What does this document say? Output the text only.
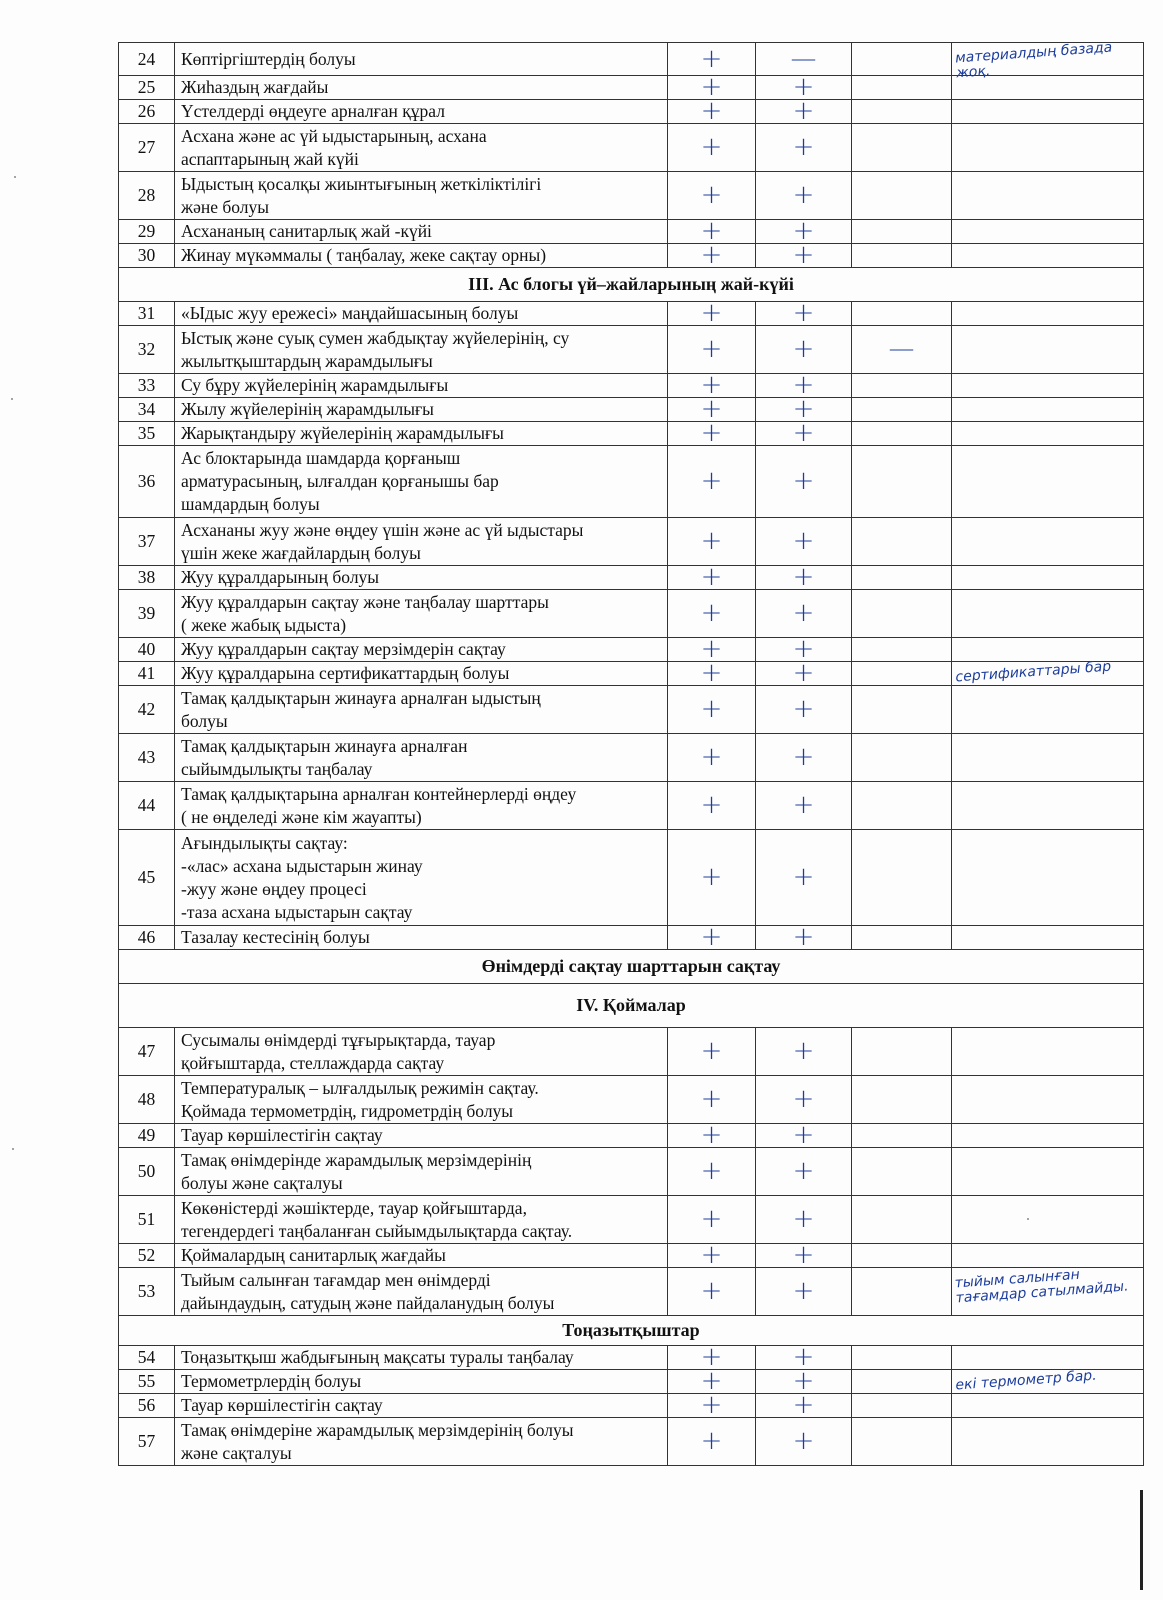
24	Көптіргіштердің болуы	+	—		материалдың базада жоқ.
25	Жиһаздың жағдайы	+	+		
26	Үстелдерді өңдеуге арналған құрал	+	+		
27	Асхана және ас үй ыдыстарының, асхана
аспаптарының жай күйі	+	+		
28	Ыдыстың қосалқы жиынтығының жеткіліктілігі
және болуы	+	+		
29	Асхананың санитарлық жай -күйі	+	+		
30	Жинау мүкәммалы ( таңбалау, жеке сақтау орны)	+	+		
III. Ас блогы үй–жайларының жай-күйі					
31	«Ыдыс жуу ережесі» маңдайшасының болуы	+	+		
32	Ыстық және суық сумен жабдықтау жүйелерінің, су
жылытқыштардың жарамдылығы	+	+	—	
33	Су бұру жүйелерінің жарамдылығы	+	+		
34	Жылу жүйелерінің жарамдылығы	+	+		
35	Жарықтандыру жүйелерінің жарамдылығы	+	+		
36	Ас блоктарында шамдарда қорғаныш
арматурасының, ылғалдан қорғанышы бар
шамдардың болуы	+	+		
37	Асхананы жуу және өңдеу үшін және ас үй ыдыстары
үшін жеке жағдайлардың болуы	+	+		
38	Жуу құралдарының болуы	+	+		
39	Жуу құралдарын сақтау және таңбалау шарттары
( жеке жабық ыдыста)	+	+		
40	Жуу құралдарын сақтау мерзімдерін сақтау	+	+		
41	Жуу құралдарына сертификаттардың болуы	+	+		сертификаттары бар
42	Тамақ қалдықтарын жинауға арналған ыдыстың
болуы	+	+		
43	Тамақ қалдықтарын жинауға арналған
сыйымдылықты таңбалау	+	+		
44	Тамақ қалдықтарына арналған контейнерлерді өңдеу
( не өңделеді және кім жауапты)	+	+		
45	Ағындылықты сақтау:
-«лас» асхана ыдыстарын жинау
-жуу және өңдеу процесі
-таза асхана ыдыстарын сақтау	+	+		
46	Тазалау кестесінің болуы	+	+		
Өнімдерді сақтау шарттарын сақтау					
IV. Қоймалар					
47	Сусымалы өнімдерді тұғырықтарда, тауар
қойғыштарда, стеллаждарда сақтау	+	+		
48	Температуралық – ылғалдылық режимін сақтау.
Қоймада термометрдің, гидрометрдің болуы	+	+		
49	Тауар көршілестігін сақтау	+	+		
50	Тамақ өнімдерінде жарамдылық мерзімдерінің
болуы және сақталуы	+	+		
51	Көкөністерді жәшіктерде, тауар қойғыштарда,
тегендердегі таңбаланған сыйымдылықтарда сақтау.	+	+		
52	Қоймалардың санитарлық жағдайы	+	+		
53	Тыйым салынған тағамдар мен өнімдерді
дайындаудың, сатудың және пайдаланудың болуы	+	+		тыйым салынған тағамдар сатылмайды.
Тоңазытқыштар					
54	Тоңазытқыш жабдығының мақсаты туралы таңбалау	+	+		
55	Термометрлердің болуы	+	+		екі термометр бар.
56	Тауар көршілестігін сақтау	+	+		
57	Тамақ өнімдеріне жарамдылық мерзімдерінің болуы
және сақталуы	+	+		
